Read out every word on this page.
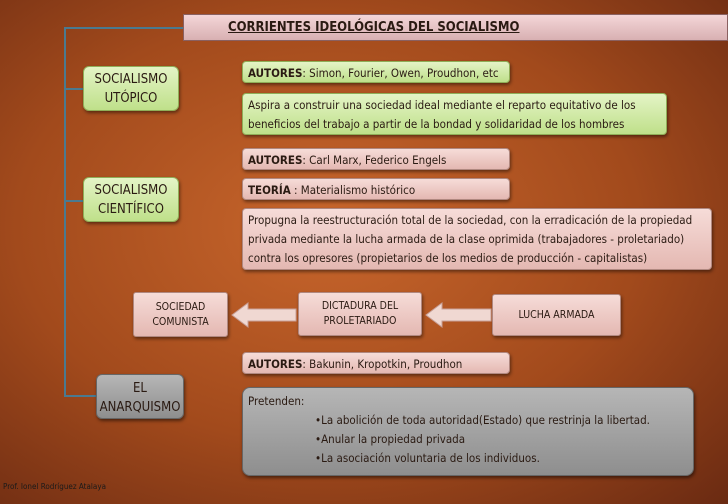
CORRIENTES IDEOLÓGICAS DEL SOCIALISMO
SOCIALISMO
UTÓPICO
AUTORES: Simon, Fourier, Owen, Proudhon, etc
Aspira a construir una sociedad ideal mediante el reparto equitativo de los
beneficios del trabajo a partir de la bondad y solidaridad de los hombres
AUTORES: Carl Marx, Federico Engels
SOCIALISMO
CIENTÍFICO
TEORÍA : Materialismo histórico
Propugna la reestructuración total de la sociedad, con la erradicación de la propiedad
privada mediante la lucha armada de la clase oprimida (trabajadores - proletariado)
contra los opresores (propietarios de los medios de producción - capitalistas)
SOCIEDAD
COMUNISTA
DICTADURA DEL
PROLETARIADO	LUCHA ARMADA
AUTORES: Bakunin, Kropotkin, Proudhon
EL
ANARQUISMO	Pretenden:
• La abolición de toda autoridad(Estado) que restrinja la libertad.
• Anular la propiedad privada
• La asociación voluntaria de los individuos.
Prof. Ionel Rodríguez Atalaya
